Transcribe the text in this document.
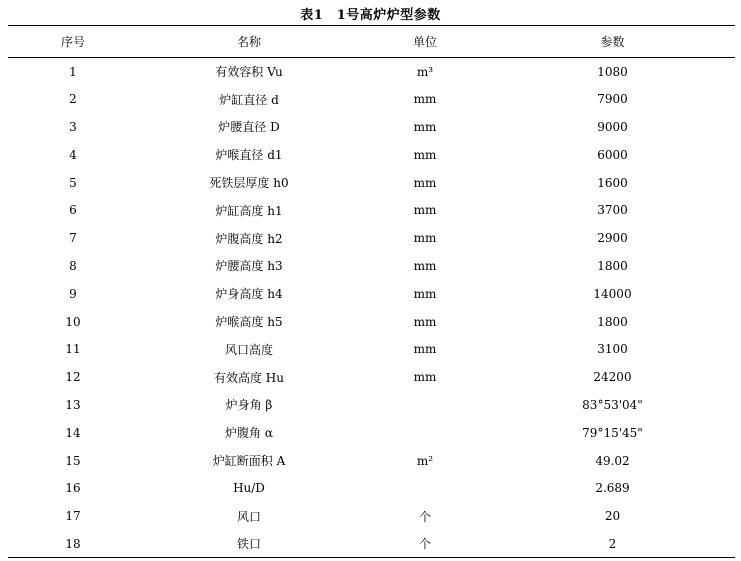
表1　1号高炉炉型参数
序号	名称	单位	参数
1	有效容积 Vu	m³	1080
2	炉缸直径 d	mm	7900
3	炉腰直径 D	mm	9000
4	炉喉直径 d1	mm	6000
5	死铁层厚度 h0	mm	1600
6	炉缸高度 h1	mm	3700
7	炉腹高度 h2	mm	2900
8	炉腰高度 h3	mm	1800
9	炉身高度 h4	mm	14000
10	炉喉高度 h5	mm	1800
11	风口高度	mm	3100
12	有效高度 Hu	mm	24200
13	炉身角 β		83°53'04"
14	炉腹角 α		79°15'45"
15	炉缸断面积 A	m²	49.02
16	Hu/D		2.689
17	风口	个	20
18	铁口	个	2
